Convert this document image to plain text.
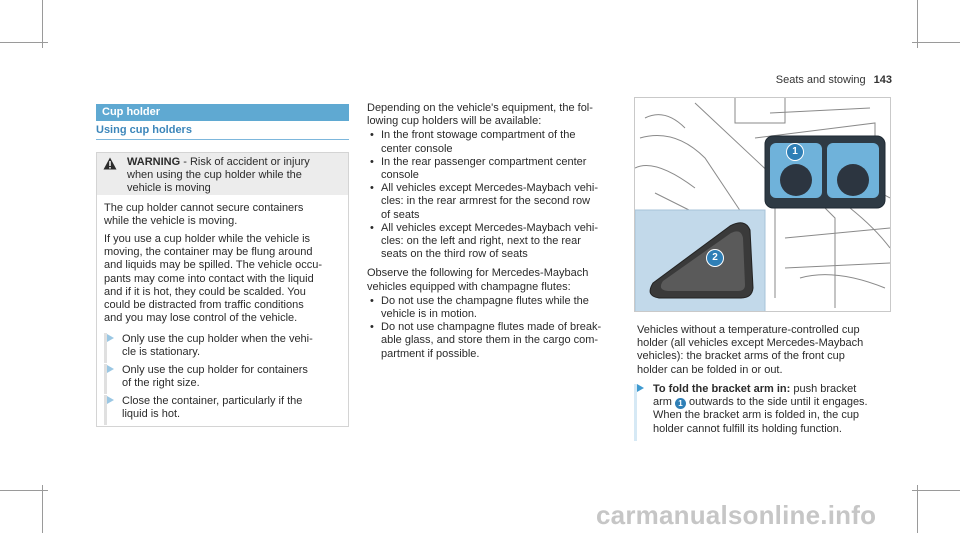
Seats and stowing 143
Cup holder
Using cup holders
WARNING - Risk of accident or injury
when using the cup holder while the
vehicle is moving
The cup holder cannot secure containers
while the vehicle is moving.
If you use a cup holder while the vehicle is
moving, the container may be flung around
and liquids may be spilled. The vehicle occu-
pants may come into contact with the liquid
and if it is hot, they could be scalded. You
could be distracted from traffic conditions
and you may lose control of the vehicle.
Only use the cup holder when the vehi-
cle is stationary.
Only use the cup holder for containers
of the right size.
Close the container, particularly if the
liquid is hot.
Depending on the vehicle's equipment, the fol-
lowing cup holders will be available:
• In the front stowage compartment of the
center console
• In the rear passenger compartment center
console
• All vehicles except Mercedes-Maybach vehi-
cles: in the rear armrest for the second row
of seats
• All vehicles except Mercedes-Maybach vehi-
cles: on the left and right, next to the rear
seats on the third row of seats
Observe the following for Mercedes-Maybach
vehicles equipped with champagne flutes:
• Do not use the champagne flutes while the
vehicle is in motion.
• Do not use champagne flutes made of break-
able glass, and store them in the cargo com-
partment if possible.
1
2
Vehicles without a temperature-controlled cup
holder (all vehicles except Mercedes-Maybach
vehicles): the bracket arms of the front cup
holder can be folded in or out.
To fold the bracket arm in: push bracket
arm 1 outwards to the side until it engages.
When the bracket arm is folded in, the cup
holder cannot fulfill its holding function.
carmanualsonline.info
